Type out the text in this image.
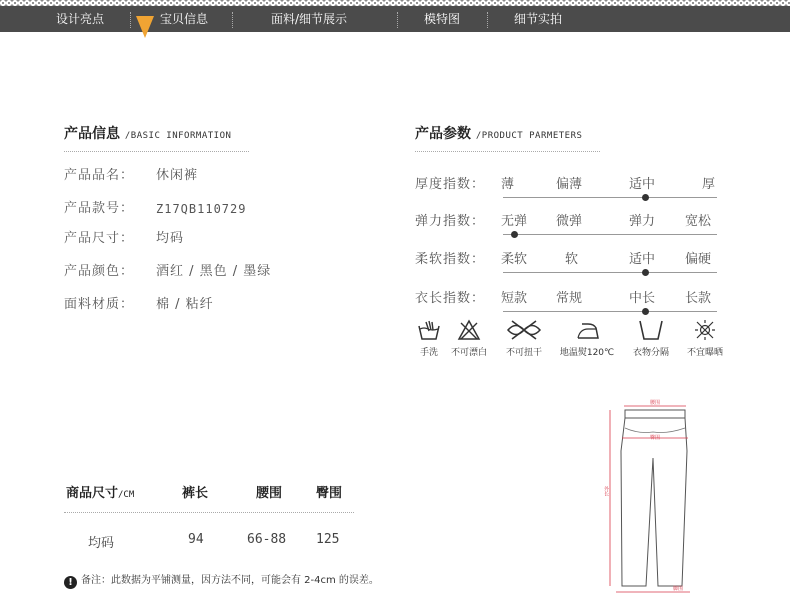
设计亮点	宝贝信息	面料/细节展示	模特图	细节实拍
产品信息 /BASIC INFORMATION
产品品名：	休闲裤
产品款号：	Z17QB110729
产品尺寸：	均码
产品颜色：	酒红 / 黑色 / 墨绿
面料材质：	棉 / 粘纤
产品参数 /PRODUCT PARMETERS
厚度指数： 薄	偏薄	适中	厚
弹力指数： 无弹 微弹	弹力 宽松
柔软指数： 柔软	软	适中 偏硬
衣长指数： 短款 常规	中长 长款
手洗	不可漂白	不可扭干	地温熨120℃	衣物分隔	不宜曝晒
商品尺寸/CM	裤长	腰围	臀围
均码	94	66-88 125
! 备注：此数据为平铺测量，因方法不同，可能会有 2-4cm 的误差。
腰围
臀围
外长
脚围
